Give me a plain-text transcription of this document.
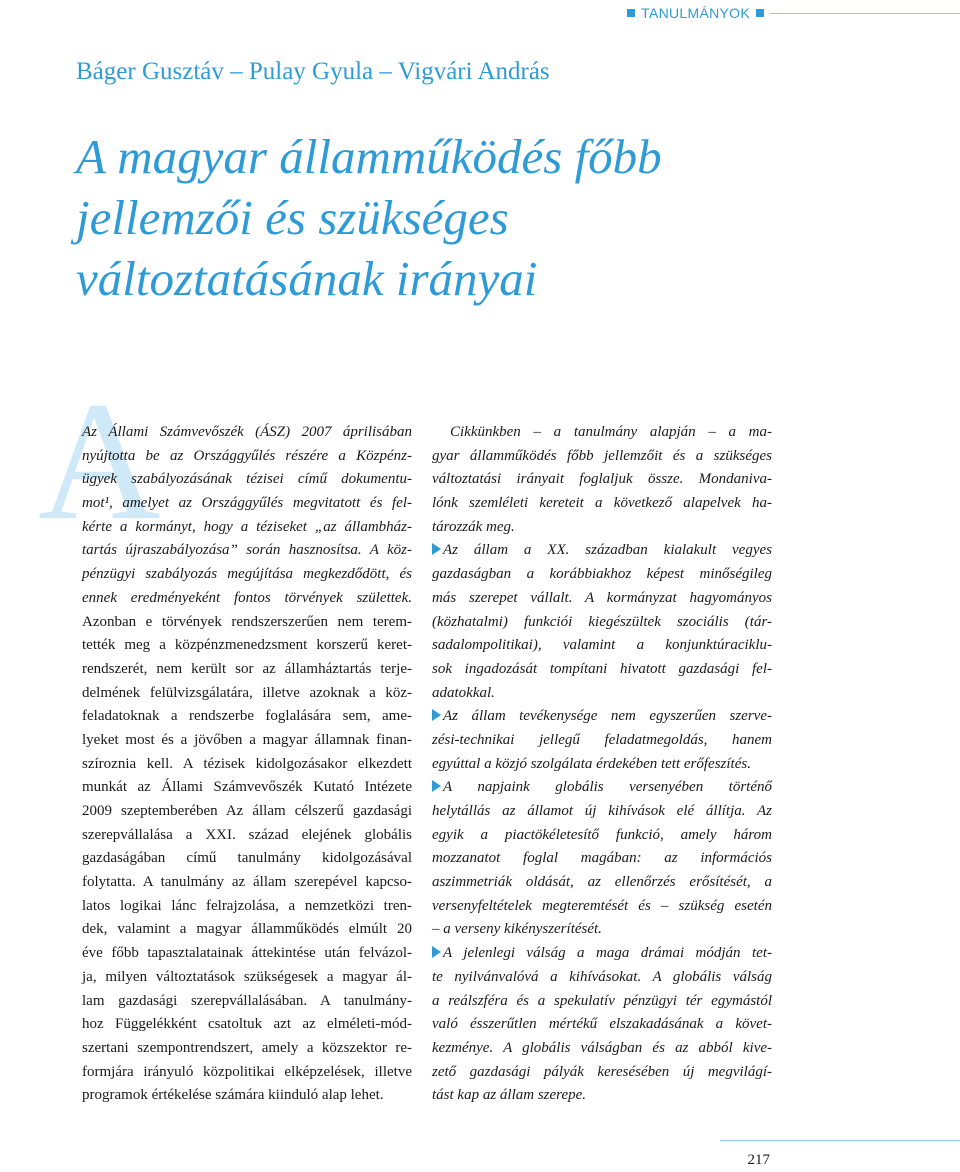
TANULMÁNYOK
Báger Gusztáv – Pulay Gyula – Vigvári András
A magyar államműködés főbb
jellemzői és szükséges
változtatásának irányai
A
Az Állami Számvevőszék (ÁSZ) 2007 áprilisában
nyújtotta be az Országgyűlés részére a Közpénz-
ügyek szabályozásának tézisei című dokumentu-
mot¹, amelyet az Országgyűlés megvitatott és fel-
kérte a kormányt, hogy a téziseket „az állambház-
tartás újraszabályozása” során hasznosítsa. A köz-
pénzügyi szabályozás megújítása megkezdődött, és
ennek eredményeként fontos törvények születtek.
Azonban e törvények rendszerszerűen nem terem-
tették meg a közpénzmenedzsment korszerű keret-
rendszerét, nem került sor az államháztartás terje-
delmének felülvizsgálatára, illetve azoknak a köz-
feladatoknak a rendszerbe foglalására sem, ame-
lyeket most és a jövőben a magyar államnak finan-
szíroznia kell. A tézisek kidolgozásakor elkezdett
munkát az Állami Számvevőszék Kutató Intézete
2009 szeptemberében Az állam célszerű gazdasági
szerepvállalása a XXI. század elejének globális
gazdaságában című tanulmány kidolgozásával
folytatta. A tanulmány az állam szerepével kapcso-
latos logikai lánc felrajzolása, a nemzetközi tren-
dek, valamint a magyar államműködés elmúlt 20
éve főbb tapasztalatainak áttekintése után felvázol-
ja, milyen változtatások szükségesek a magyar ál-
lam gazdasági szerepvállalásában. A tanulmány-
hoz Függelékként csatoltuk azt az elméleti-mód-
szertani szempontrendszert, amely a közszektor re-
formjára irányuló közpolitikai elképzelések, illetve
programok értékelése számára kiinduló alap lehet.
Cikkünkben – a tanulmány alapján – a ma-
gyar államműködés főbb jellemzőit és a szükséges
változtatási irányait foglaljuk össze. Mondaniva-
lónk szemléleti kereteit a következő alapelvek ha-
tározzák meg.
Az állam a XX. században kialakult vegyes
gazdaságban a korábbiakhoz képest minőségileg
más szerepet vállalt. A kormányzat hagyományos
(közhatalmi) funkciói kiegészültek szociális (tár-
sadalompolitikai), valamint a konjunktúraciklu-
sok ingadozását tompítani hivatott gazdasági fel-
adatokkal.
Az állam tevékenysége nem egyszerűen szerve-
zési-technikai jellegű feladatmegoldás, hanem
egyúttal a közjó szolgálata érdekében tett erőfeszítés.
A napjaink globális versenyében történő
helytállás az államot új kihívások elé állítja. Az
egyik a piactökéletesítő funkció, amely három
mozzanatot foglal magában: az információs
aszimmetriák oldását, az ellenőrzés erősítését, a
versenyfeltételek megteremtését és – szükség esetén
– a verseny kikényszerítését.
A jelenlegi válság a maga drámai módján tet-
te nyilvánvalóvá a kihívásokat. A globális válság
a reálszféra és a spekulatív pénzügyi tér egymástól
való ésszerűtlen mértékű elszakadásának a követ-
kezménye. A globális válságban és az abból kive-
zető gazdasági pályák keresésében új megvilágí-
tást kap az állam szerepe.
217
